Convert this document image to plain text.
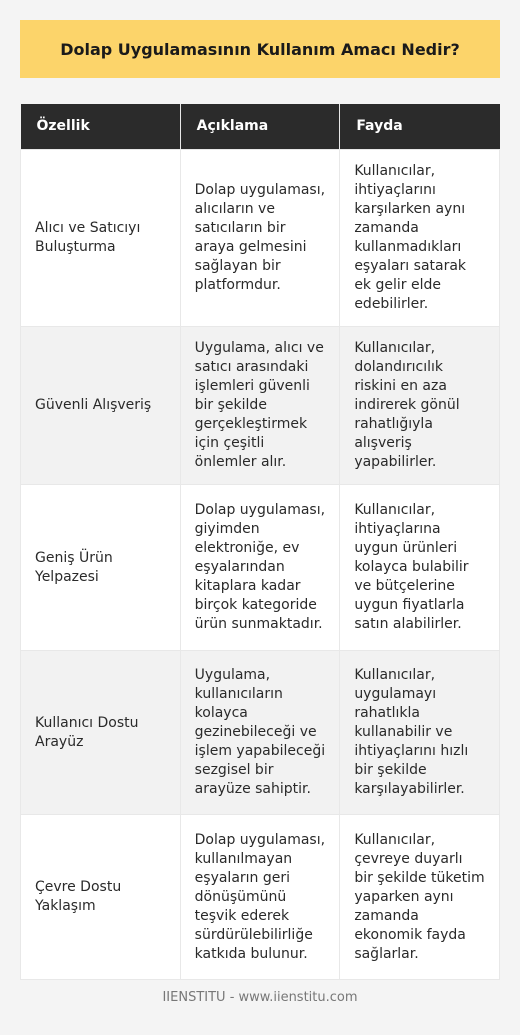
Dolap Uygulamasının Kullanım Amacı Nedir?
Özellik	Açıklama	Fayda
Alıcı ve Satıcıyı Buluşturma	Dolap uygulaması, alıcıların ve satıcıların bir araya gelmesini sağlayan bir platformdur.	Kullanıcılar, ihtiyaçlarını karşılarken aynı zamanda kullanmadıkları eşyaları satarak ek gelir elde edebilirler.
Güvenli Alışveriş	Uygulama, alıcı ve satıcı arasındaki işlemleri güvenli bir şekilde gerçekleştirmek için çeşitli önlemler alır.	Kullanıcılar, dolandırıcılık riskini en aza indirerek gönül rahatlığıyla alışveriş yapabilirler.
Geniş Ürün Yelpazesi	Dolap uygulaması, giyimden elektroniğe, ev eşyalarından kitaplara kadar birçok kategoride ürün sunmaktadır.	Kullanıcılar, ihtiyaçlarına uygun ürünleri kolayca bulabilir ve bütçelerine uygun fiyatlarla satın alabilirler.
Kullanıcı Dostu Arayüz	Uygulama, kullanıcıların kolayca gezinebileceği ve işlem yapabileceği sezgisel bir arayüze sahiptir.	Kullanıcılar, uygulamayı rahatlıkla kullanabilir ve ihtiyaçlarını hızlı bir şekilde karşılayabilirler.
Çevre Dostu Yaklaşım	Dolap uygulaması, kullanılmayan eşyaların geri dönüşümünü teşvik ederek sürdürülebilirliğe katkıda bulunur.	Kullanıcılar, çevreye duyarlı bir şekilde tüketim yaparken aynı zamanda ekonomik fayda sağlarlar.
IIENSTITU - www.iienstitu.com
